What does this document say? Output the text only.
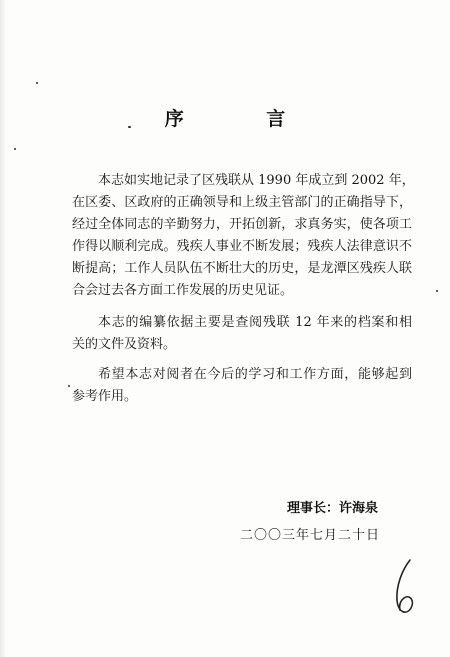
序 言
本志如实地记录了区残联从 1990 年成立到 2002 年，
在区委、区政府的正确领导和上级主管部门的正确指导下，
经过全体同志的辛勤努力，开拓创新，求真务实，使各项工
作得以顺利完成。残疾人事业不断发展；残疾人法律意识不
断提高；工作人员队伍不断壮大的历史，是龙潭区残疾人联
合会过去各方面工作发展的历史见证。
本志的编纂依据主要是查阅残联 12 年来的档案和相
关的文件及资料。
希望本志对阅者在今后的学习和工作方面，能够起到
参考作用。
理事长：许海泉
二〇〇三年七月二十日
